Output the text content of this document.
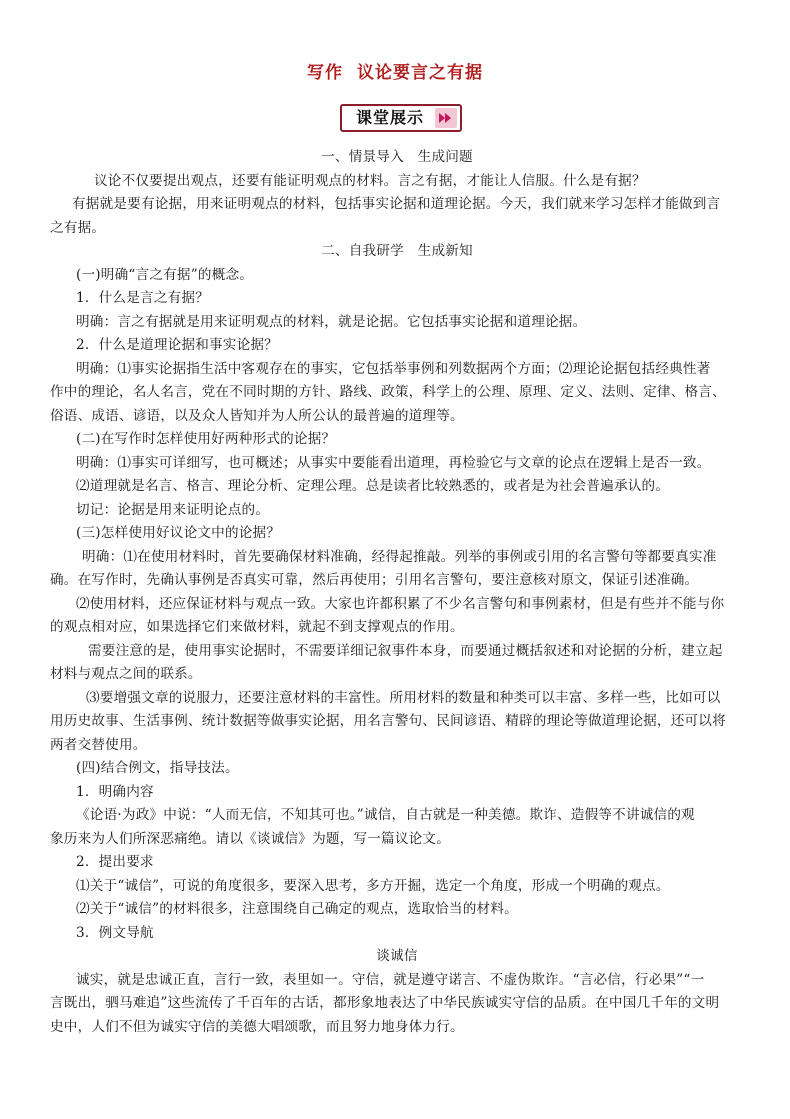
写作 议论要言之有据
课堂展示
一、情景导入　生成问题
议论不仅要提出观点，还要有能证明观点的材料。言之有据，才能让人信服。什么是有据？
有据就是要有论据，用来证明观点的材料，包括事实论据和道理论据。今天，我们就来学习怎样才能做到言
之有据。
二、自我研学　生成新知
(一)明确“言之有据”的概念。
1．什么是言之有据？
明确：言之有据就是用来证明观点的材料，就是论据。它包括事实论据和道理论据。
2．什么是道理论据和事实论据？
明确：⑴事实论据指生活中客观存在的事实，它包括举事例和列数据两个方面；⑵理论论据包括经典性著
作中的理论，名人名言，党在不同时期的方针、路线、政策，科学上的公理、原理、定义、法则、定律、格言、
俗语、成语、谚语，以及众人皆知并为人所公认的最普遍的道理等。
(二)在写作时怎样使用好两种形式的论据？
明确：⑴事实可详细写，也可概述；从事实中要能看出道理，再检验它与文章的论点在逻辑上是否一致。
⑵道理就是名言、格言、理论分析、定理公理。总是读者比较熟悉的，或者是为社会普遍承认的。
切记：论据是用来证明论点的。
(三)怎样使用好议论文中的论据？
明确：⑴在使用材料时，首先要确保材料准确，经得起推敲。列举的事例或引用的名言警句等都要真实准
确。在写作时，先确认事例是否真实可靠，然后再使用；引用名言警句，要注意核对原文，保证引述准确。
⑵使用材料，还应保证材料与观点一致。大家也许都积累了不少名言警句和事例素材，但是有些并不能与你
的观点相对应，如果选择它们来做材料，就起不到支撑观点的作用。
需要注意的是，使用事实论据时，不需要详细记叙事件本身，而要通过概括叙述和对论据的分析，建立起
材料与观点之间的联系。
⑶要增强文章的说服力，还要注意材料的丰富性。所用材料的数量和种类可以丰富、多样一些，比如可以
用历史故事、生活事例、统计数据等做事实论据，用名言警句、民间谚语、精辟的理论等做道理论据，还可以将
两者交替使用。
(四)结合例文，指导技法。
1．明确内容
《论语·为政》中说：“人而无信，不知其可也。”诚信，自古就是一种美德。欺诈、造假等不讲诚信的观
象历来为人们所深恶痛绝。请以《谈诚信》为题，写一篇议论文。
2．提出要求
⑴关于“诚信”，可说的角度很多，要深入思考，多方开掘，选定一个角度，形成一个明确的观点。
⑵关于“诚信”的材料很多，注意围绕自己确定的观点，选取恰当的材料。
3．例文导航
谈诚信
诚实，就是忠诚正直，言行一致，表里如一。守信，就是遵守诺言、不虚伪欺诈。“言必信，行必果”“一
言既出，驷马难追”这些流传了千百年的古话，都形象地表达了中华民族诚实守信的品质。在中国几千年的文明
史中，人们不但为诚实守信的美德大唱颂歌，而且努力地身体力行。
